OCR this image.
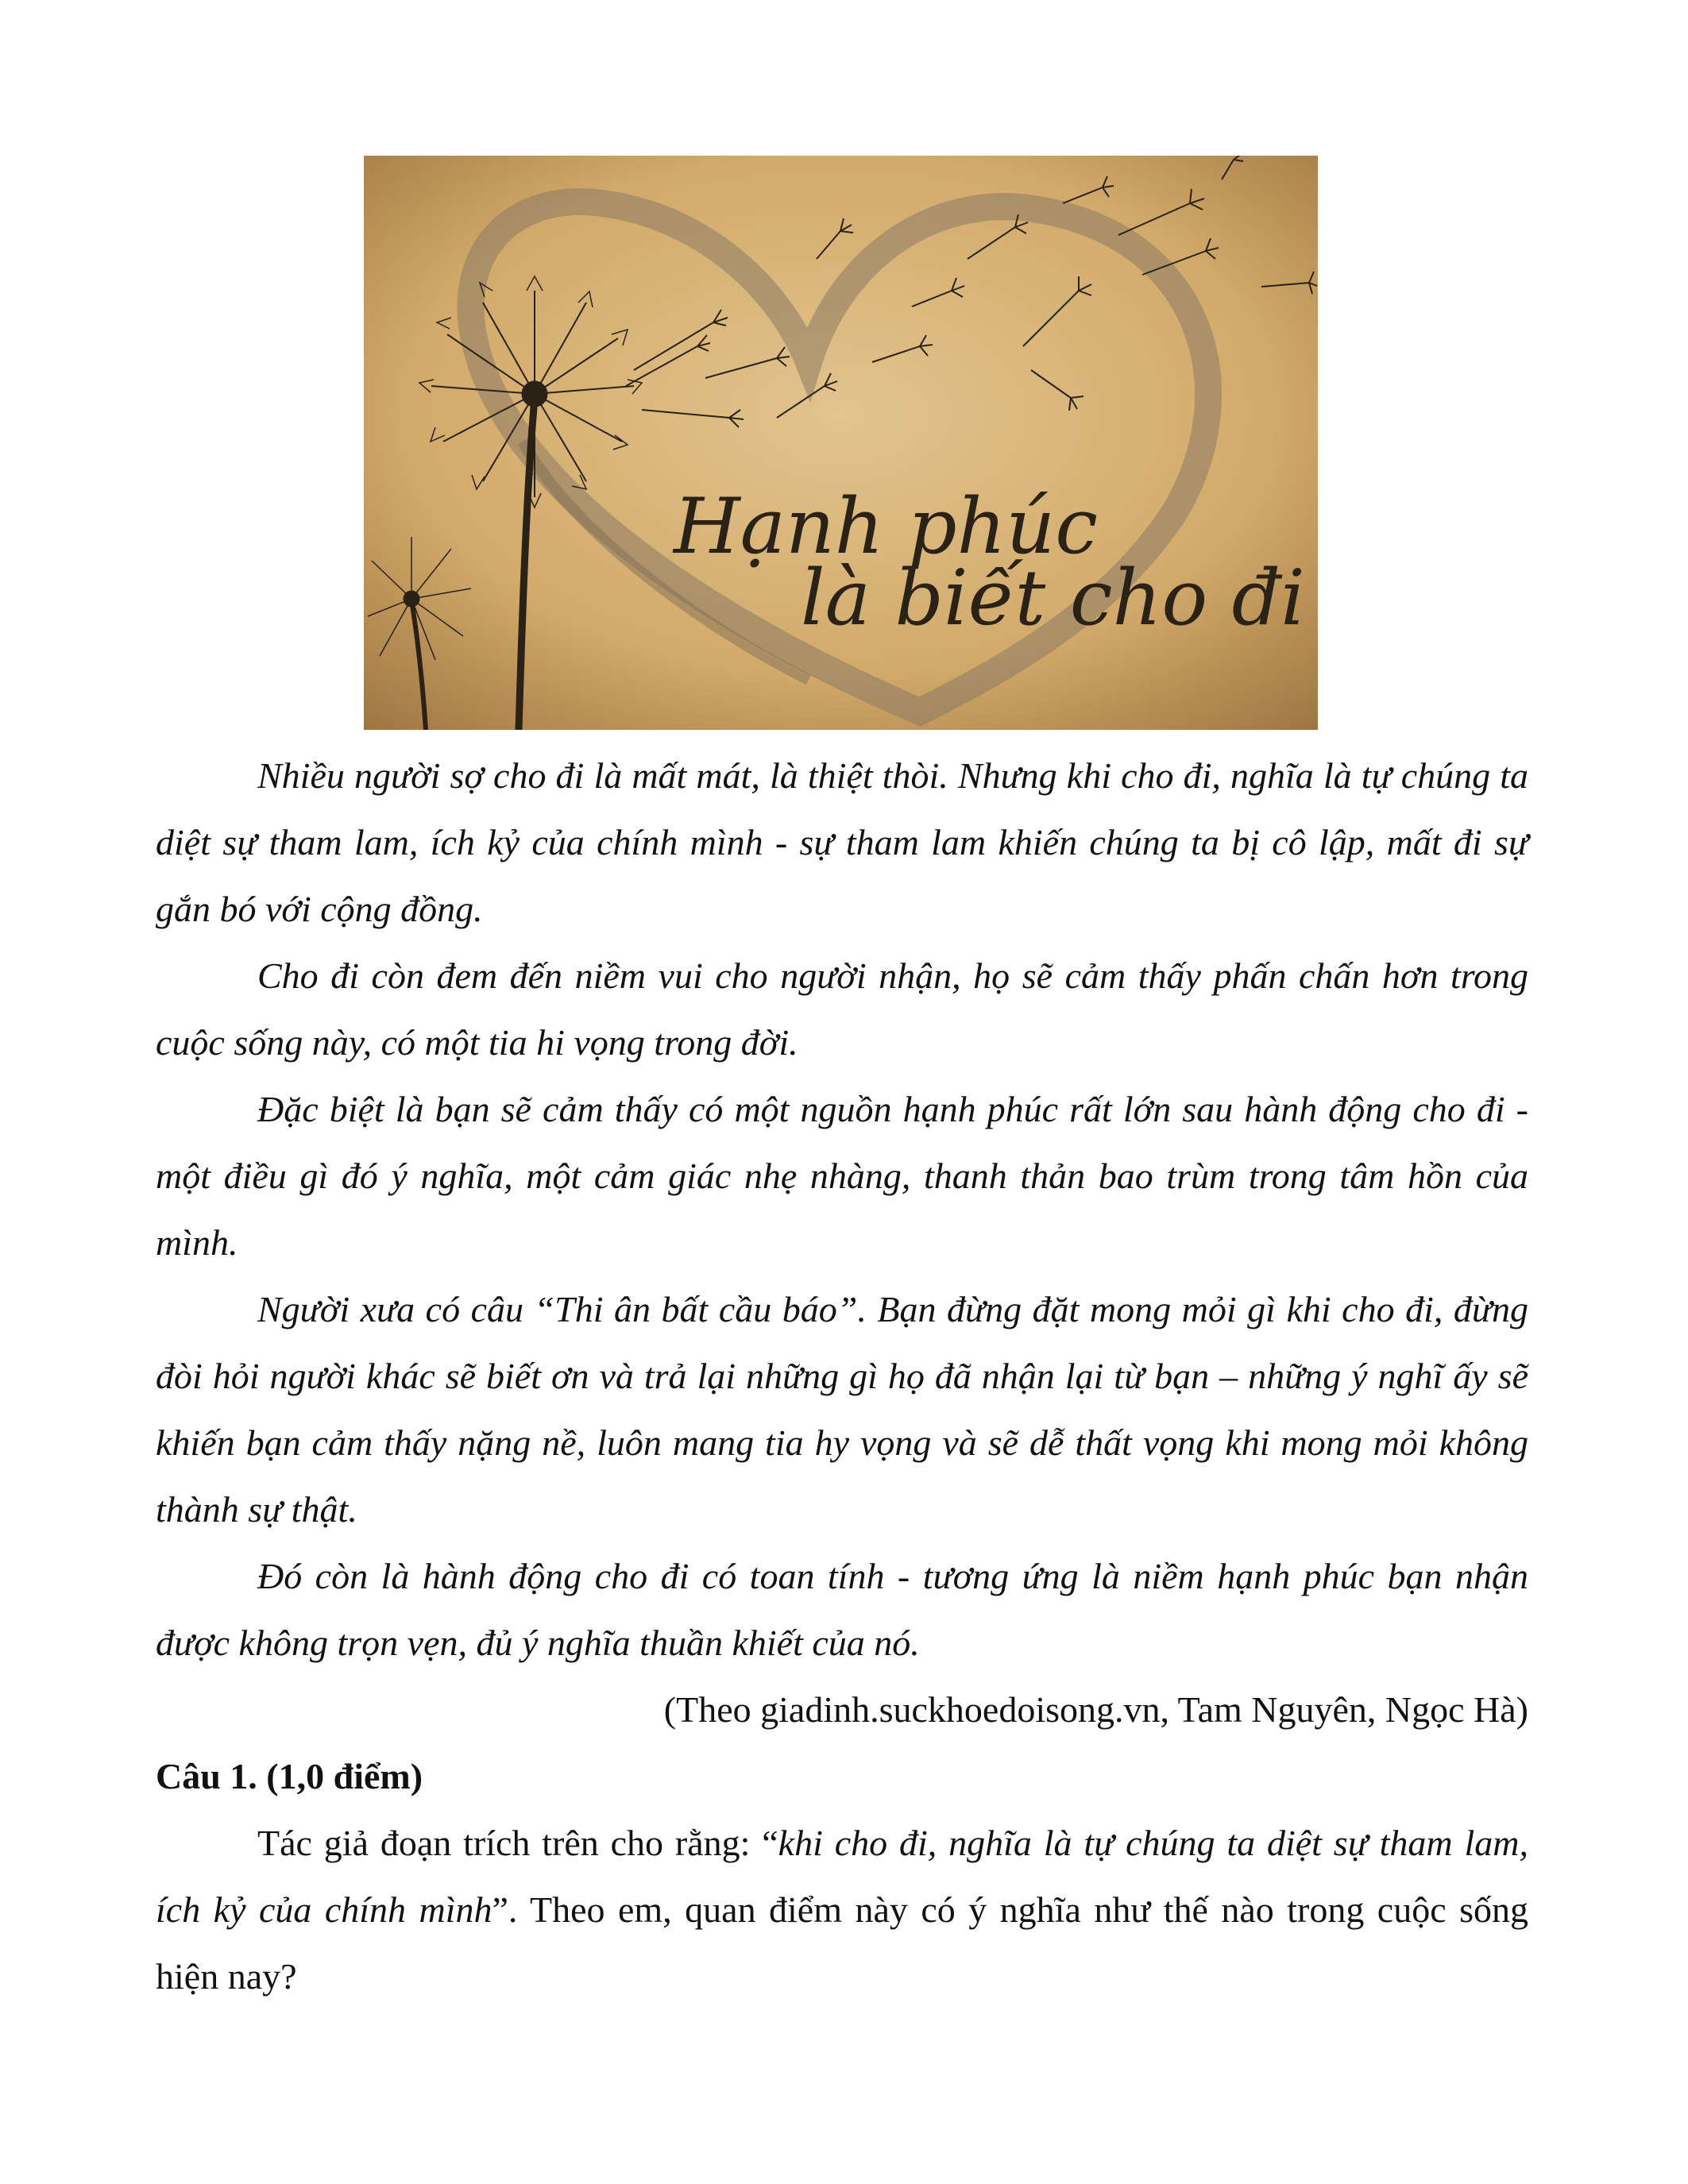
Hạnh phúc
là biết cho đi

Nhiều người sợ cho đi là mất mát, là thiệt thòi. Nhưng khi cho đi, nghĩa là tự chúng ta diệt sự tham lam, ích kỷ của chính mình - sự tham lam khiến chúng ta bị cô lập, mất đi sự gắn bó với cộng đồng.

Cho đi còn đem đến niềm vui cho người nhận, họ sẽ cảm thấy phấn chấn hơn trong cuộc sống này, có một tia hi vọng trong đời.

Đặc biệt là bạn sẽ cảm thấy có một nguồn hạnh phúc rất lớn sau hành động cho đi - một điều gì đó ý nghĩa, một cảm giác nhẹ nhàng, thanh thản bao trùm trong tâm hồn của mình.

Người xưa có câu “Thi ân bất cầu báo”. Bạn đừng đặt mong mỏi gì khi cho đi, đừng đòi hỏi người khác sẽ biết ơn và trả lại những gì họ đã nhận lại từ bạn – những ý nghĩ ấy sẽ khiến bạn cảm thấy nặng nề, luôn mang tia hy vọng và sẽ dễ thất vọng khi mong mỏi không thành sự thật.

Đó còn là hành động cho đi có toan tính - tương ứng là niềm hạnh phúc bạn nhận được không trọn vẹn, đủ ý nghĩa thuần khiết của nó.

(Theo giadinh.suckhoedoisong.vn, Tam Nguyên, Ngọc Hà)

Câu 1. (1,0 điểm)

Tác giả đoạn trích trên cho rằng: “khi cho đi, nghĩa là tự chúng ta diệt sự tham lam, ích kỷ của chính mình”. Theo em, quan điểm này có ý nghĩa như thế nào trong cuộc sống hiện nay?
